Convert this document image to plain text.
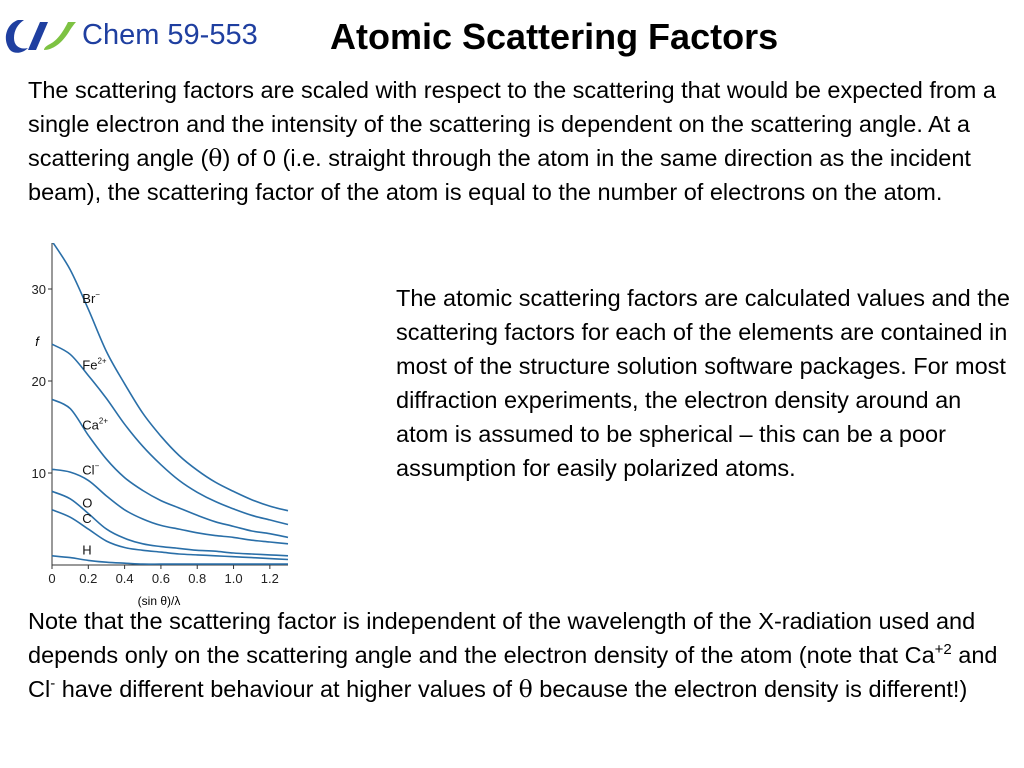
Chem 59-553 Atomic Scattering Factors

The scattering factors are scaled with respect to the scattering that would be expected from a single electron and the intensity of the scattering is dependent on the scattering angle. At a scattering angle (θ) of 0 (i.e. straight through the atom in the same direction as the incident beam), the scattering factor of the atom is equal to the number of electrons on the atom.

0 0.2 0.4 0.6 0.8 1.0 1.2
10
20
30
Br−
$Fe^{2+}$
$Ca^{2+}$
Cl−
O
C
H
f
(sin θ)/λ

The atomic scattering factors are calculated values and the scattering factors for each of the elements are contained in most of the structure solution software packages. For most diffraction experiments, the electron density around an atom is assumed to be spherical – this can be a poor assumption for easily polarized atoms.

Note that the scattering factor is independent of the wavelength of the X-radiation used and depends only on the scattering angle and the electron density of the atom (note that $Ca^{+2}$ and Cl- have different behaviour at higher values of θ because the electron density is different!)
